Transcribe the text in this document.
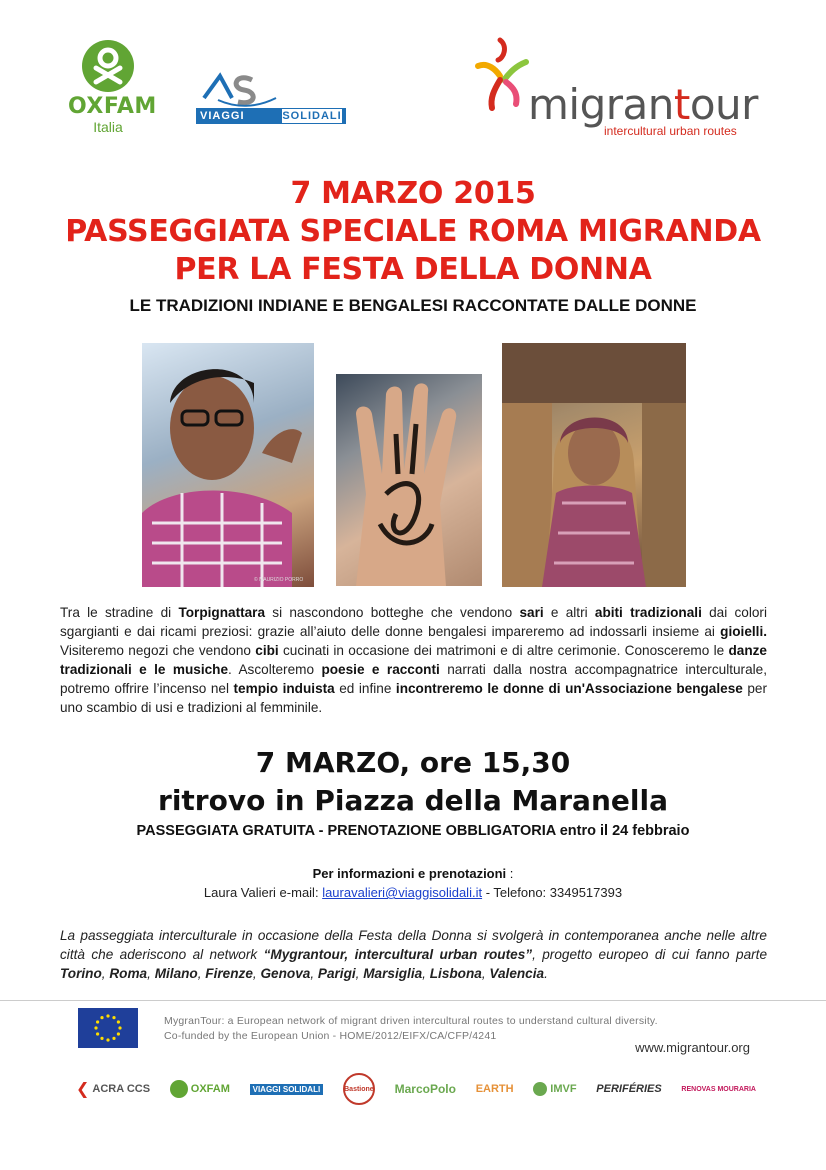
OXFAM
Italia
VIAGGI	SOLIDALI	migrantour
intercultural urban routes
7 MARZO 2015
PASSEGGIATA SPECIALE ROMA MIGRANDA
PER LA FESTA DELLA DONNA
LE TRADIZIONI INDIANE E BENGALESI RACCONTATE DALLE DONNE
© MAURIZIO PORRO
Tra le stradine di Torpignattara si nascondono botteghe che vendono sari e altri abiti tradizionali dai colori sgargianti e dai ricami preziosi: grazie all’aiuto delle donne bengalesi impareremo ad indossarli insieme ai gioielli. Visiteremo negozi che vendono cibi cucinati in occasione dei matrimoni e di altre cerimonie. Conosceremo le danze tradizionali e le musiche. Ascolteremo poesie e racconti narrati dalla nostra accompagnatrice interculturale, potremo offrire l’incenso nel tempio induista ed infine incontreremo le donne di un'Associazione bengalese per uno scambio di usi e tradizioni al femminile.
7 MARZO, ore 15,30
ritrovo in Piazza della Maranella
PASSEGGIATA GRATUITA - PRENOTAZIONE OBBLIGATORIA entro il 24 febbraio
Per informazioni e prenotazioni :
Laura Valieri e-mail: lauravalieri@viaggisolidali.it - Telefono: 3349517393
La passeggiata interculturale in occasione della Festa della Donna si svolgerà in contemporanea anche nelle altre città che aderiscono al network “Mygrantour, intercultural urban routes”, progetto europeo di cui fanno parte Torino, Roma, Milano, Firenze, Genova, Parigi, Marsiglia, Lisbona, Valencia.
MygranTour: a European network of migrant driven intercultural routes to understand cultural diversity.
Co-funded by the European Union - HOME/2012/EIFX/CA/CFP/4241
www.migrantour.org
❮ ACRA CCS	OXFAM	VIAGGI SOLIDALI	Bastione MarcoPolo EARTH	IMVF PERIFÉRIES	RENOVAS MOURARIA
